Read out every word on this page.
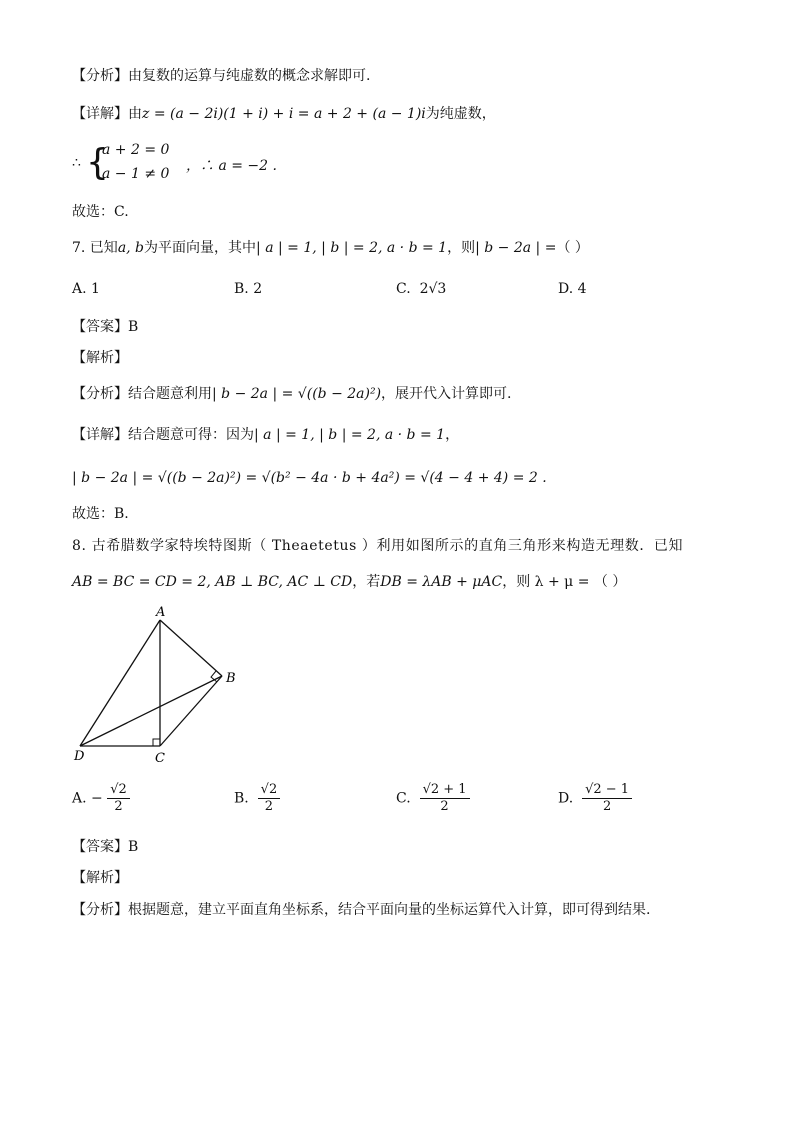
【分析】由复数的运算与纯虚数的概念求解即可.
【详解】由z = (a − 2i)(1 + i) + i = a + 2 + (a − 1)i为纯虚数，
∴ {
a + 2 = 0
a − 1 ≠ 0 ，∴ a = −2 .
故选：C.
7. 已知a, b为平面向量，其中| a | = 1, | b | = 2, a · b = 1，则| b − 2a | =（ ）
A. 1	B. 2	C. 2√3	D. 4
【答案】B
【解析】
【分析】结合题意利用| b − 2a | = √((b − 2a)²)，展开代入计算即可.
【详解】结合题意可得：因为| a | = 1, | b | = 2, a · b = 1，
| b − 2a | = √((b − 2a)²) = √(b² − 4a · b + 4a²) = √(4 − 4 + 4) = 2 .
故选：B.
8. 古希腊数学家特埃特图斯（ Theaetetus ）利用如图所示的直角三角形来构造无理数．已知
AB = BC = CD = 2, AB ⊥ BC, AC ⊥ CD，若DB = λAB + μAC，则 λ + μ = （ ）
A
B
C
D
A. − $\frac{√2}{2}$	B. $\frac{√2}{2}$	C. $\frac{√2 + 1}{2}$	D. $\frac{√2 - 1}{2}$
【答案】B
【解析】
【分析】根据题意，建立平面直角坐标系，结合平面向量的坐标运算代入计算，即可得到结果.
